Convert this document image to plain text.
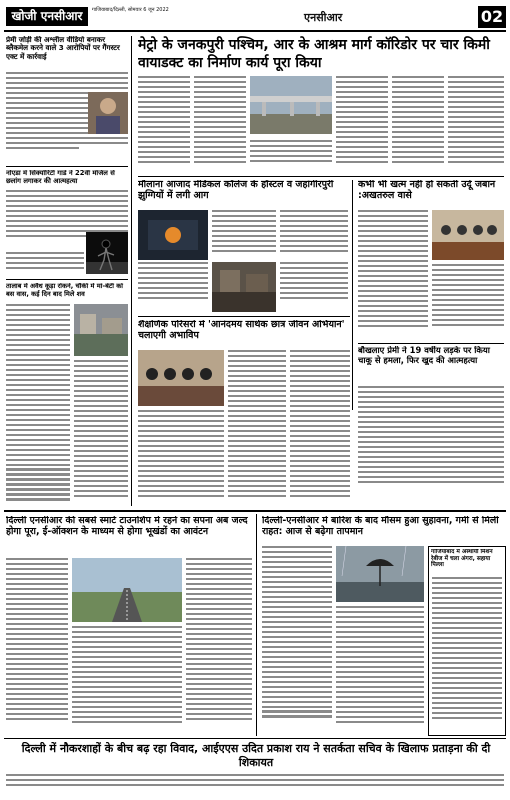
खोजी एनसीआर	गाजियाबाद/दिल्ली, सोमवार 6 जून 2022
एनसीआर	02
प्रेमी जोड़ी की अश्लील वीडियो बनाकर ब्लैकमेल करने वाले 3 आरोपियों पर गैंगस्टर एक्ट में कार्रवाई
नोएडा में सिक्योरिटी गार्ड ने 22वीं मंजिल से छलांग लगाकर की आत्महत्या
तालाब में अवैध कूड़ा रोकने, चौकी में मां-बेटी को बस वास, कई दिन बाद मिले शव
मेट्रो के जनकपुरी पश्चिम, आर के आश्रम मार्ग कॉरिडोर पर चार किमी वायाडक्ट का निर्माण कार्य पूरा किया
मौलाना आजाद मेडिकल कॉलेज के हॉस्टल व जहांगीरपुरी झुग्गियों में लगी आग
कभी भी खत्म नहीं हो सकती उर्दू जबान :अखतरुल वासे
बौखलाए प्रेमी ने 19 वर्षीय लड़के पर किया चाकू से हमला, फिर खुद की आत्महत्या
शैक्षणिक परिसरों में 'आनंदमय सार्थक छात्र जीवन अभियान' चलाएगी अभाविप
दिल्ली एनसीआर की सबसे स्मार्ट टाउनशिप में रहने का सपना अब जल्द होगा पूरा, ई-ऑक्शन के माध्यम से होगा भूखंडों का आवंटन
दिल्ली-एनसीआर में बारिश के बाद मौसम हुआ सुहावना, गर्मी से मिली राहत: आज से बढ़ेगा तापमान
गाजियाबाद में अस्थायी मिशन रेबीज में चला अंगरा, सहाया पिल्ला
दिल्ली में नौकरशाहों के बीच बढ़ रहा विवाद, आईएएस उदित प्रकाश राय ने सतर्कता सचिव के खिलाफ प्रताड़ना की दी शिकायत
